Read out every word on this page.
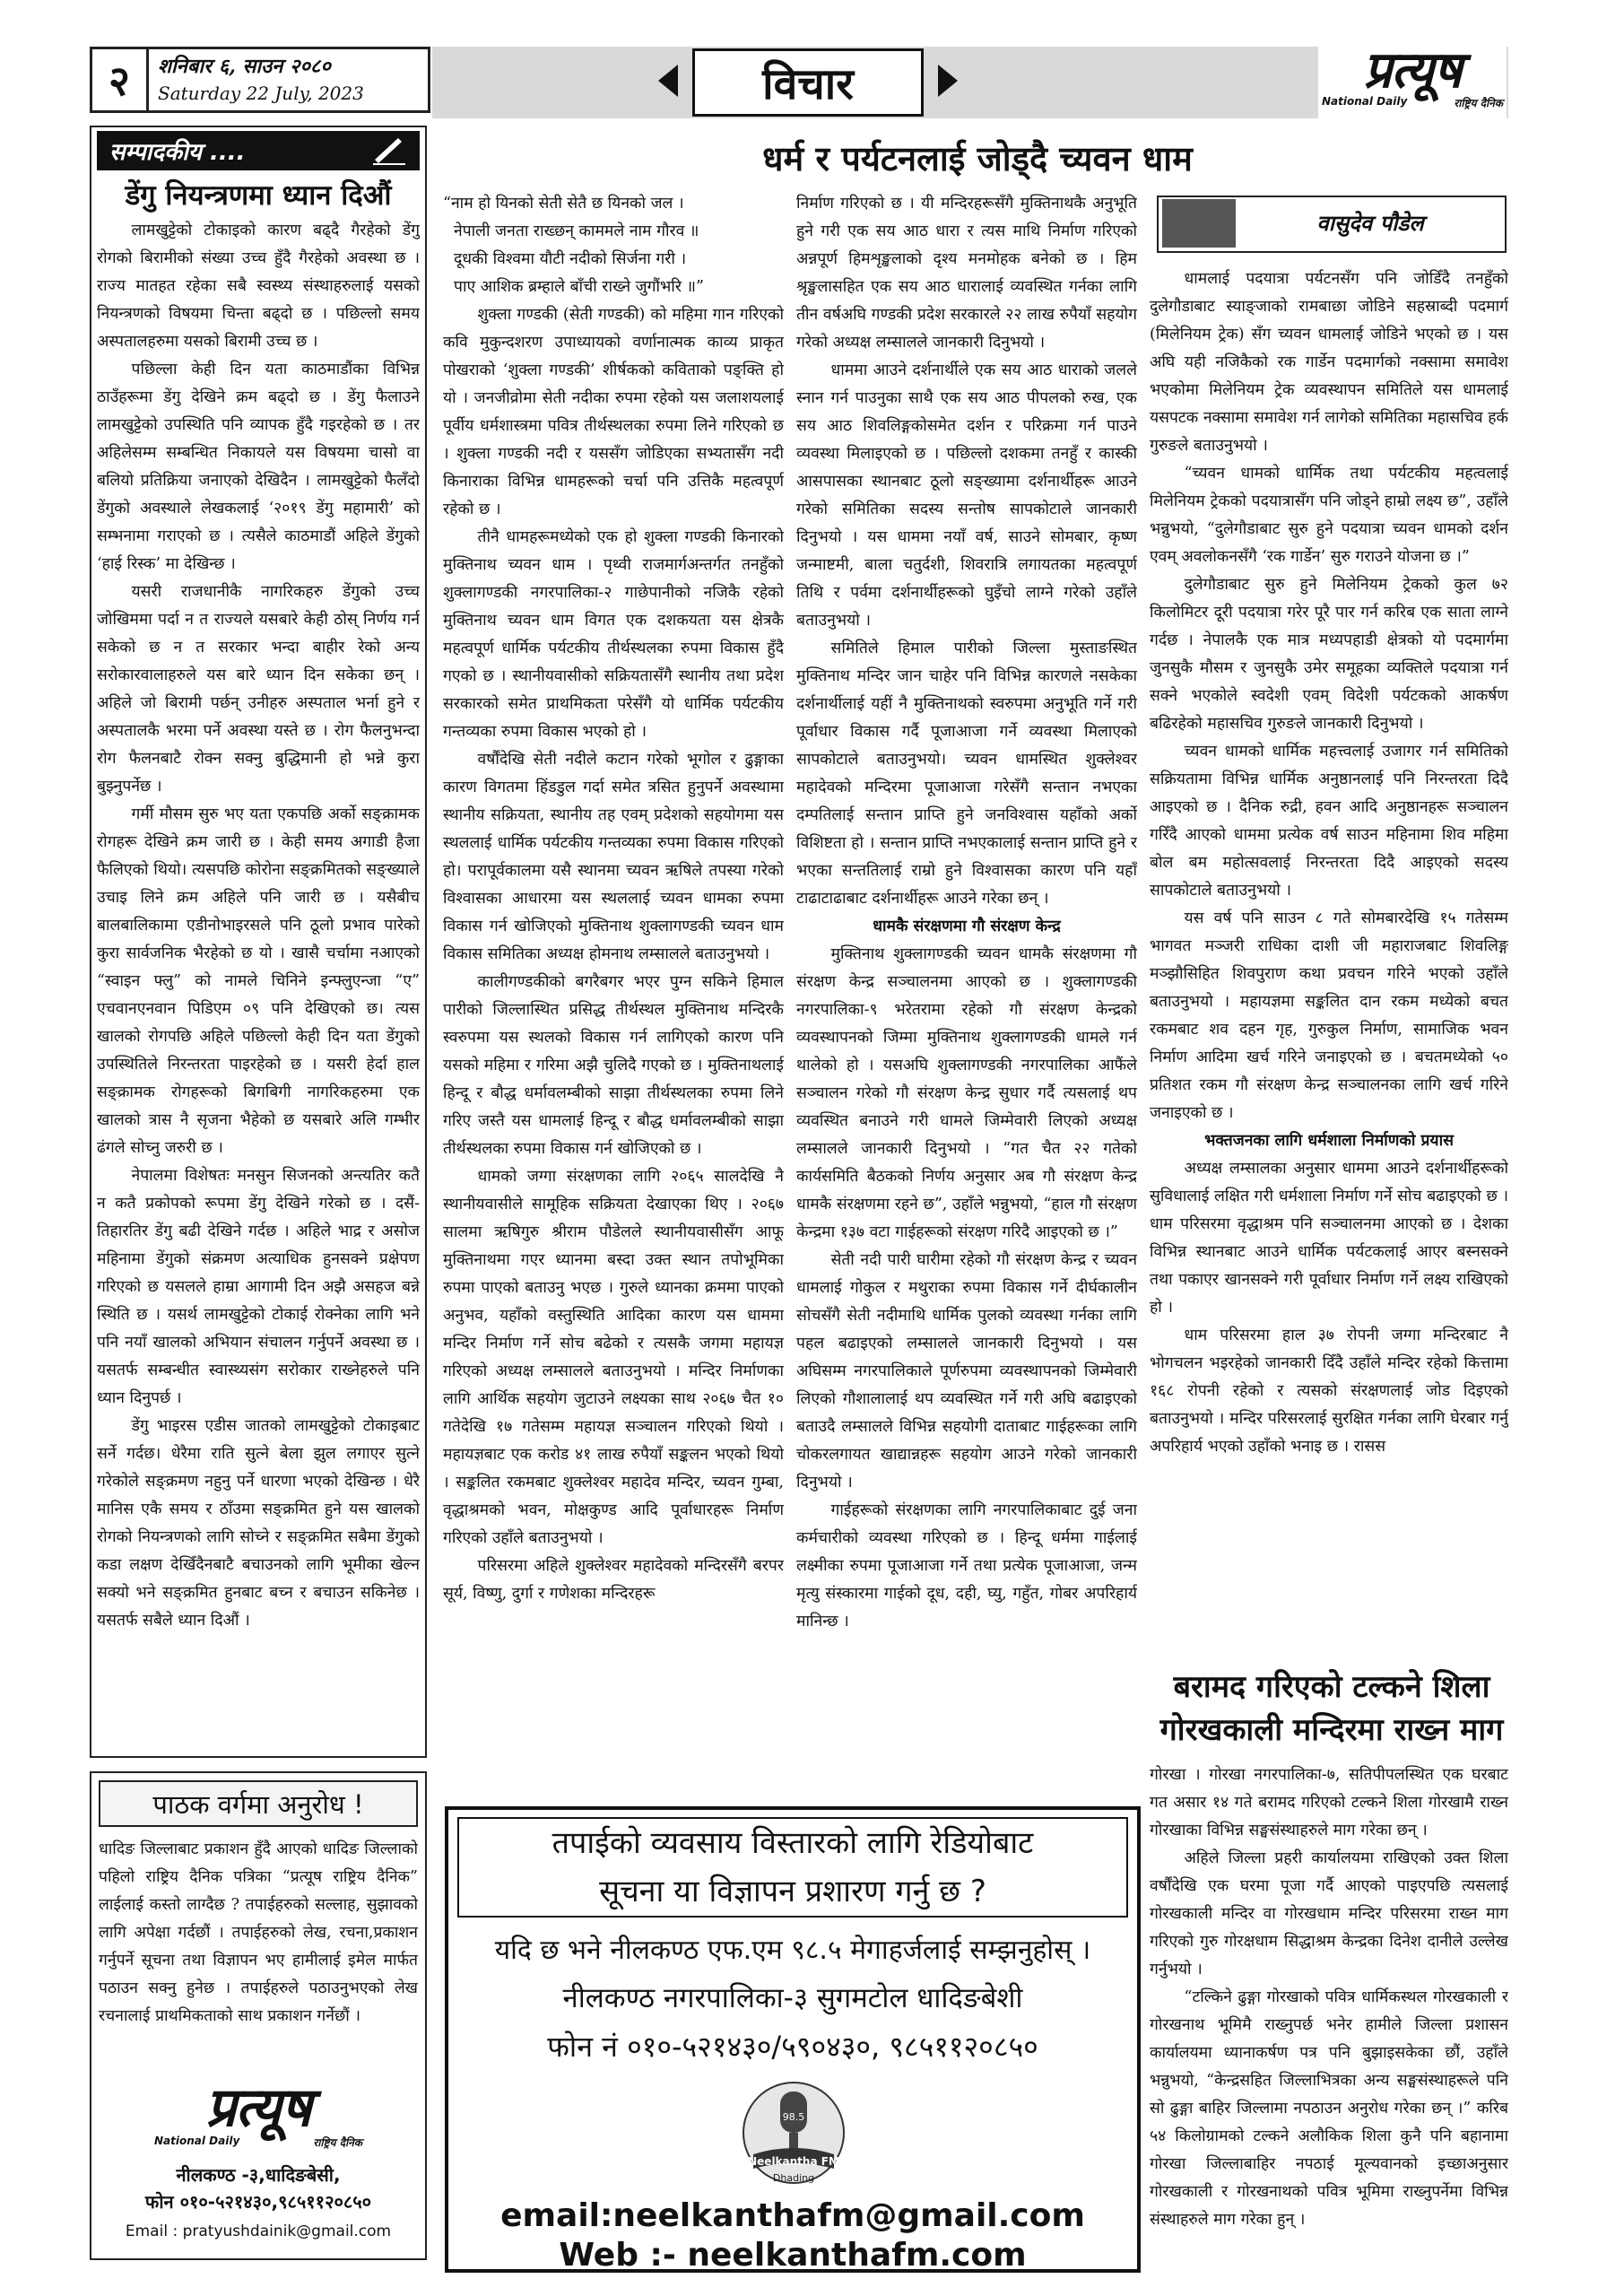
२	शनिबार ६, साउन २०८०
Saturday 22 July, 2023	विचार	प्रत्यूष
National Daily	राष्ट्रिय दैनिक
धर्म र पर्यटनलाई जोड्दै च्यवन धाम
सम्पादकीय ....
डेंगु नियन्त्रणमा ध्यान दिऔं

लामखुट्टेको टोकाइको कारण बढ्दै गैरहेको डेंगु रोगको बिरामीको संख्या उच्च हुँदै गैरहेको अवस्था छ । राज्य मातहत रहेका सबै स्वस्थ्य संस्थाहरुलाई यसको नियन्त्रणको विषयमा चिन्ता बढ्दो छ । पछिल्लो समय अस्पतालहरुमा यसको बिरामी उच्च छ ।

पछिल्ला केही दिन यता काठमाडौंका विभिन्न ठाउँहरूमा डेंगु देखिने क्रम बढ्दो छ । डेंगु फैलाउने लामखुट्टेको उपस्थिति पनि व्यापक हुँदै गइरहेको छ । तर अहिलेसम्म सम्बन्धित निकायले यस विषयमा चासो वा बलियो प्रतिक्रिया जनाएको देखिदैन । लामखुट्टेको फैलँदो डेंगुको अवस्थाले लेखकलाई ‘२०१९ डेंगु महामारी’ को सम्भनामा गराएको छ । त्यसैले काठमाडौं अहिले डेंगुको ‘हाई रिस्क’ मा देखिन्छ ।

यसरी राजधानीकै नागरिकहरु डेंगुको उच्च जोखिममा पर्दा न त राज्यले यसबारे केही ठोस् निर्णय गर्न सकेको छ न त सरकार भन्दा बाहीर रेको अन्य सरोकारवालाहरुले यस बारे ध्यान दिन सकेका छन् । अहिले जो बिरामी पर्छन् उनीहरु अस्पताल भर्ना हुने र अस्पतालकै भरमा पर्ने अवस्था यस्ते छ । रोग फैलनुभन्दा रोग फैलनबाटै रोक्न सक्नु बुद्धिमानी हो भन्ने कुरा बुझ्नुपर्नेछ ।

गर्मी मौसम सुरु भए यता एकपछि अर्को सङ्क्रामक रोगहरू देखिने क्रम जारी छ । केही समय अगाडी हैजा फैलिएको थियो। त्यसपछि कोरोना सङ्क्रमितको सङ्ख्याले उचाइ लिने क्रम अहिले पनि जारी छ । यसैबीच बालबालिकामा एडीनोभाइरसले पनि ठूलो प्रभाव पारेको कुरा सार्वजनिक भैरहेको छ यो । खासै चर्चामा नआएको “स्वाइन फ्लु” को नामले चिनिने इन्फ्लुएन्जा “ए” एचवानएनवान पिडिएम ०९ पनि देखिएको छ। त्यस खालको रोगपछि अहिले पछिल्लो केही दिन यता डेंगुको उपस्थितिले निरन्तरता पाइरहेको छ । यसरी हेर्दा हाल सङ्क्रामक रोगहरूको बिगबिगी नागरिकहरुमा एक खालको त्रास नै सृजना भैहेको छ यसबारे अलि गम्भीर ढंगले सोच्नु जरुरी छ ।

नेपालमा विशेषतः मनसुन सिजनको अन्त्यतिर कतै न कतै प्रकोपको रूपमा डेंगु देखिने गरेको छ । दसैं-तिहारतिर डेंगु बढी देखिने गर्दछ । अहिले भाद्र र असोज महिनामा डेंगुको संक्रमण अत्याधिक हुनसक्ने प्रक्षेपण गरिएको छ यसलले हाम्रा आगामी दिन अझै असहज बन्ने स्थिति छ । यसर्थ लामखुट्टेको टोकाई रोक्नेका लागि भने पनि नयाँ खालको अभियान संचालन गर्नुपर्ने अवस्था छ । यसतर्फ सम्बन्धीत स्वास्थ्यसंग सरोकार राख्नेहरुले पनि ध्यान दिनुपर्छ ।

डेंगु भाइरस एडीस जातको लामखुट्टेको टोकाइबाट सर्ने गर्दछ। धेरैमा राति सुत्ने बेला झुल लगाएर सुत्ने गरेकोले सङ्क्रमण नहुनु पर्ने धारणा भएको देखिन्छ । धेरै मानिस एकै समय र ठाँउमा सङ्क्रमित हुने यस खालको रोगको नियन्त्रणको लागि सोच्ने र सङ्क्रमित सबैमा डेंगुको कडा लक्षण देखिँदैनबाटै बचाउनको लागि भूमीका खेल्न सक्यो भने सङ्क्रमित हुनबाट बच्न र बचाउन सकिनेछ । यसतर्फ सबैले ध्यान दिऔं ।

पाठक वर्गमा अनुरोध !

धादिङ जिल्लाबाट प्रकाशन हुँदै आएको धादिङ जिल्लाको पहिलो राष्ट्रिय दैनिक पत्रिका “प्रत्यूष राष्ट्रिय दैनिक” लाईलाई कस्तो लाग्दैछ ? तपाईहरुको सल्लाह, सुझावको लागि अपेक्षा गर्दछौं । तपाईहरुको लेख, रचना,प्रकाशन गर्नुपर्ने सूचना तथा विज्ञापन भए हामीलाई इमेल मार्फत पठाउन सक्नु हुनेछ । तपाईहरुले पठाउनुभएको लेख रचनालाई प्राथमिकताको साथ प्रकाशन गर्नेछौं ।

प्रत्यूष
National Daily	राष्ट्रिय दैनिक
नीलकण्ठ -३,धादिङबेसी,
फोन ०१०-५२१४३०,९८५११२०८५०
Email : pratyushdainik@gmail.com

“नाम हो यिनको सेती सेतै छ यिनको जल ।

नेपाली जनता राख्छन् काममले नाम गौरव ॥

दूधकी विश्वमा यौटी नदीको सिर्जना गरी ।

पाए आशिक ब्रम्हाले बाँची राख्ने जुगौंभरि ॥”

शुक्ला गण्डकी (सेती गण्डकी) को महिमा गान गरिएको कवि मुकुन्दशरण उपाध्यायको वर्णानात्मक काव्य प्राकृत पोखराको ‘शुक्ला गण्डकी’ शीर्षकको कविताको पङ्क्ति हो यो । जनजीव्रोमा सेती नदीका रुपमा रहेको यस जलाशयलाई पूर्वीय धर्मशास्त्रमा पवित्र तीर्थस्थलका रुपमा लिने गरिएको छ । शुक्ला गण्डकी नदी र यससँग जोडिएका सभ्यतासँग नदी किनाराका विभिन्न धामहरूको चर्चा पनि उत्तिकै महत्वपूर्ण रहेको छ ।

तीनै धामहरूमध्येको एक हो शुक्ला गण्डकी किनारको मुक्तिनाथ च्यवन धाम । पृथ्वी राजमार्गअन्तर्गत तनहुँको शुक्लागण्डकी नगरपालिका-२ गाछेपानीको नजिकै रहेको मुक्तिनाथ च्यवन धाम विगत एक दशकयता यस क्षेत्रकै महत्वपूर्ण धार्मिक पर्यटकीय तीर्थस्थलका रुपमा विकास हुँदै गएको छ । स्थानीयवासीको सक्रियतासँगै स्थानीय तथा प्रदेश सरकारको समेत प्राथमिकता परेसँगै यो धार्मिक पर्यटकीय गन्तव्यका रुपमा विकास भएको हो ।

वर्षौंदेखि सेती नदीले कटान गरेको भूगोल र ढुङ्गाका कारण विगतमा हिंडडुल गर्दा समेत त्रसित हुनुपर्ने अवस्थामा स्थानीय सक्रियता, स्थानीय तह एवम् प्रदेशको सहयोगमा यस स्थललाई धार्मिक पर्यटकीय गन्तव्यका रुपमा विकास गरिएको हो। परापूर्वकालमा यसै स्थानमा च्यवन ऋषिले तपस्या गरेको विश्वासका आधारमा यस स्थललाई च्यवन धामका रुपमा विकास गर्न खोजिएको मुक्तिनाथ शुक्लागण्डकी च्यवन धाम विकास समितिका अध्यक्ष होमनाथ लम्सालले बताउनुभयो ।

कालीगण्डकीको बगरैबगर भएर पुग्न सकिने हिमाल पारीको जिल्लास्थित प्रसिद्ध तीर्थस्थल मुक्तिनाथ मन्दिरकै स्वरुपमा यस स्थलको विकास गर्न लागिएको कारण पनि यसको महिमा र गरिमा अझै चुलिदै गएको छ । मुक्तिनाथलाई हिन्दू र बौद्ध धर्मावलम्बीको साझा तीर्थस्थलका रुपमा लिने गरिए जस्तै यस धामलाई हिन्दू र बौद्ध धर्मावलम्बीको साझा तीर्थस्थलका रुपमा विकास गर्न खोजिएको छ ।

धामको जग्गा संरक्षणका लागि २०६५ सालदेखि नै स्थानीयवासीले सामूहिक सक्रियता देखाएका थिए । २०६७ सालमा ऋषिगुरु श्रीराम पौडेलले स्थानीयवासीसँग आफू मुक्तिनाथमा गएर ध्यानमा बस्दा उक्त स्थान तपोभूमिका रुपमा पाएको बताउनु भएछ । गुरुले ध्यानका क्रममा पाएको अनुभव, यहाँको वस्तुस्थिति आदिका कारण यस धाममा मन्दिर निर्माण गर्ने सोच बढेको र त्यसकै जगमा महायज्ञ गरिएको अध्यक्ष लम्सालले बताउनुभयो । मन्दिर निर्माणका लागि आर्थिक सहयोग जुटाउने लक्ष्यका साथ २०६७ चैत १० गतेदेखि १७ गतेसम्म महायज्ञ सञ्चालन गरिएको थियो । महायज्ञबाट एक करोड ४१ लाख रुपैयाँ सङ्कलन भएको थियो । सङ्कलित रकमबाट शुक्लेश्वर महादेव मन्दिर, च्यवन गुम्बा, वृद्धाश्रमको भवन, मोक्षकुण्ड आदि पूर्वाधारहरू निर्माण गरिएको उहाँले बताउनुभयो ।

परिसरमा अहिले शुक्लेश्वर महादेवको मन्दिरसँगै बरपर सूर्य, विष्णु, दुर्गा र गणेशका मन्दिरहरू

निर्माण गरिएको छ । यी मन्दिरहरूसँगै मुक्तिनाथकै अनुभूति हुने गरी एक सय आठ धारा र त्यस माथि निर्माण गरिएको अन्नपूर्ण हिमशृङ्खलाको दृश्य मनमोहक बनेको छ । हिम श्रृङ्खलासहित एक सय आठ धारालाई व्यवस्थित गर्नका लागि तीन वर्षअघि गण्डकी प्रदेश सरकारले २२ लाख रुपैयाँ सहयोग गरेको अध्यक्ष लम्सालले जानकारी दिनुभयो ।

धाममा आउने दर्शनार्थीले एक सय आठ धाराको जलले स्नान गर्न पाउनुका साथै एक सय आठ पीपलको रुख, एक सय आठ शिवलिङ्गकोसमेत दर्शन र परिक्रमा गर्न पाउने व्यवस्था मिलाइएको छ । पछिल्लो दशकमा तनहुँ र कास्की आसपासका स्थानबाट ठूलो सङ्ख्यामा दर्शनार्थीहरू आउने गरेको समितिका सदस्य सन्तोष सापकोटाले जानकारी दिनुभयो । यस धाममा नयाँ वर्ष, साउने सोमबार, कृष्ण जन्माष्टमी, बाला चतुर्दशी, शिवरात्रि लगायतका महत्वपूर्ण तिथि र पर्वमा दर्शनार्थीहरूको घुइँचो लाग्ने गरेको उहाँले बताउनुभयो ।

समितिले हिमाल पारीको जिल्ला मुस्ताङस्थित मुक्तिनाथ मन्दिर जान चाहेर पनि विभिन्न कारणले नसकेका दर्शनार्थीलाई यहीं नै मुक्तिनाथको स्वरुपमा अनुभूति गर्ने गरी पूर्वाधार विकास गर्दै पूजाआजा गर्ने व्यवस्था मिलाएको सापकोटाले बताउनुभयो। च्यवन धामस्थित शुक्लेश्वर महादेवको मन्दिरमा पूजाआजा गरेसँगै सन्तान नभएका दम्पतिलाई सन्तान प्राप्ति हुने जनविश्वास यहाँको अर्को विशिष्टता हो । सन्तान प्राप्ति नभएकालाई सन्तान प्राप्ति हुने र भएका सन्ततिलाई राम्रो हुने विश्वासका कारण पनि यहाँ टाढाटाढाबाट दर्शनार्थीहरू आउने गरेका छन् ।

धामकै संरक्षणमा गौ संरक्षण केन्द्र

मुक्तिनाथ शुक्लागण्डकी च्यवन धामकै संरक्षणमा गौ संरक्षण केन्द्र सञ्चालनमा आएको छ । शुक्लागण्डकी नगरपालिका-९ भरेतरामा रहेको गौ संरक्षण केन्द्रको व्यवस्थापनको जिम्मा मुक्तिनाथ शुक्लागण्डकी धामले गर्न थालेको हो । यसअघि शुक्लागण्डकी नगरपालिका आफैंले सञ्चालन गरेको गौ संरक्षण केन्द्र सुधार गर्दै त्यसलाई थप व्यवस्थित बनाउने गरी धामले जिम्मेवारी लिएको अध्यक्ष लम्सालले जानकारी दिनुभयो । “गत चैत २२ गतेको कार्यसमिति बैठकको निर्णय अनुसार अब गौ संरक्षण केन्द्र धामकै संरक्षणमा रहने छ”, उहाँले भन्नुभयो, “हाल गौ संरक्षण केन्द्रमा १३७ वटा गाईहरूको संरक्षण गरिदै आइएको छ ।”

सेती नदी पारी घारीमा रहेको गौ संरक्षण केन्द्र र च्यवन धामलाई गोकुल र मथुराका रुपमा विकास गर्ने दीर्घकालीन सोचसँगै सेती नदीमाथि धार्मिक पुलको व्यवस्था गर्नका लागि पहल बढाइएको लम्सालले जानकारी दिनुभयो । यस अघिसम्म नगरपालिकाले पूर्णरुपमा व्यवस्थापनको जिम्मेवारी लिएको गौशालालाई थप व्यवस्थित गर्ने गरी अघि बढाइएको बताउदै लम्सालले विभिन्न सहयोगी दाताबाट गाईहरूका लागि चोकरलगायत खाद्यान्नहरू सहयोग आउने गरेको जानकारी दिनुभयो ।

गाईहरूको संरक्षणका लागि नगरपालिकाबाट दुई जना कर्मचारीको व्यवस्था गरिएको छ । हिन्दू धर्ममा गाईलाई लक्ष्मीका रुपमा पूजाआजा गर्ने तथा प्रत्येक पूजाआजा, जन्म मृत्यु संस्कारमा गाईको दूध, दही, घ्यु, गहुँत, गोबर अपरिहार्य मानिन्छ ।

वासुदेव पौडेल

धामलाई पदयात्रा पर्यटनसँग पनि जोडिँदै तनहुँको दुलेगौडाबाट स्याङ्जाको रामबाछा जोडिने सहस्राब्दी पदमार्ग (मिलेनियम ट्रेक) सँग च्यवन धामलाई जोडिने भएको छ । यस अघि यही नजिकैको रक गार्डेन पदमार्गको नक्सामा समावेश भएकोमा मिलेनियम ट्रेक व्यवस्थापन समितिले यस धामलाई यसपटक नक्सामा समावेश गर्न लागेको समितिका महासचिव हर्क गुरुङले बताउनुभयो ।

“च्यवन धामको धार्मिक तथा पर्यटकीय महत्वलाई मिलेनियम ट्रेकको पदयात्रासँग पनि जोड्ने हाम्रो लक्ष्य छ”, उहाँले भन्नुभयो, “दुलेगौडाबाट सुरु हुने पदयात्रा च्यवन धामको दर्शन एवम् अवलोकनसँगै ‘रक गार्डेन’ सुरु गराउने योजना छ ।”

दुलेगौडाबाट सुरु हुने मिलेनियम ट्रेकको कुल ७२ किलोमिटर दूरी पदयात्रा गरेर पूरै पार गर्न करिब एक साता लाग्ने गर्दछ । नेपालकै एक मात्र मध्यपहाडी क्षेत्रको यो पदमार्गमा जुनसुकै मौसम र जुनसुकै उमेर समूहका व्यक्तिले पदयात्रा गर्न सक्ने भएकोले स्वदेशी एवम् विदेशी पर्यटकको आकर्षण बढिरहेको महासचिव गुरुङले जानकारी दिनुभयो ।

च्यवन धामको धार्मिक महत्त्वलाई उजागर गर्न समितिको सक्रियतामा विभिन्न धार्मिक अनुष्ठानलाई पनि निरन्तरता दिदै आइएको छ । दैनिक रुद्री, हवन आदि अनुष्ठानहरू सञ्चालन गरिँदै आएको धाममा प्रत्येक वर्ष साउन महिनामा शिव महिमा बोल बम महोत्सवलाई निरन्तरता दिदै आइएको सदस्य सापकोटाले बताउनुभयो ।

यस वर्ष पनि साउन ८ गते सोमबारदेखि १५ गतेसम्म भागवत मञ्जरी राधिका दाशी जी महाराजबाट शिवलिङ्ग मञ्झौसिहित शिवपुराण कथा प्रवचन गरिने भएको उहाँले बताउनुभयो । महायज्ञमा सङ्कलित दान रकम मध्येको बचत रकमबाट शव दहन गृह, गुरुकुल निर्माण, सामाजिक भवन निर्माण आदिमा खर्च गरिने जनाइएको छ । बचतमध्येको ५० प्रतिशत रकम गौ संरक्षण केन्द्र सञ्चालनका लागि खर्च गरिने जनाइएको छ ।

भक्तजनका लागि धर्मशाला निर्माणको प्रयास

अध्यक्ष लम्सालका अनुसार धाममा आउने दर्शनार्थीहरूको सुविधालाई लक्षित गरी धर्मशाला निर्माण गर्ने सोच बढाइएको छ । धाम परिसरमा वृद्धाश्रम पनि सञ्चालनमा आएको छ । देशका विभिन्न स्थानबाट आउने धार्मिक पर्यटकलाई आएर बस्नसक्ने तथा पकाएर खानसक्ने गरी पूर्वाधार निर्माण गर्ने लक्ष्य राखिएको हो ।

धाम परिसरमा हाल ३७ रोपनी जग्गा मन्दिरबाट नै भोगचलन भइरहेको जानकारी दिँदै उहाँले मन्दिर रहेको कित्तामा १६८ रोपनी रहेको र त्यसको संरक्षणलाई जोड दिइएको बताउनुभयो । मन्दिर परिसरलाई सुरक्षित गर्नका लागि घेरबार गर्नु अपरिहार्य भएको उहाँको भनाइ छ । रासस

बरामद गरिएको टल्कने शिला
गोरखकाली मन्दिरमा राख्न माग

गोरखा । गोरखा नगरपालिका-७, सतिपीपलस्थित एक घरबाट गत असार १४ गते बरामद गरिएको टल्कने शिला गोरखामै राख्न गोरखाका विभिन्न सङ्घसंस्थाहरुले माग गरेका छन् ।

अहिले जिल्ला प्रहरी कार्यालयमा राखिएको उक्त शिला वर्षौंदेखि एक घरमा पूजा गर्दै आएको पाइएपछि त्यसलाई गोरखकाली मन्दिर वा गोरखधाम मन्दिर परिसरमा राख्न माग गरिएको गुरु गोरक्षधाम सिद्धाश्रम केन्द्रका दिनेश दानीले उल्लेख गर्नुभयो ।

“टल्किने ढुङ्गा गोरखाको पवित्र धार्मिकस्थल गोरखकाली र गोरखनाथ भूमिमै राख्नुपर्छ भनेर हामीले जिल्ला प्रशासन कार्यालयमा ध्यानाकर्षण पत्र पनि बुझाइसकेका छौं, उहाँले भन्नुभयो, “केन्द्रसहित जिल्लाभित्रका अन्य सङ्घसंस्थाहरूले पनि सो ढुङ्गा बाहिर जिल्लामा नपठाउन अनुरोध गरेका छन् ।” करिब ५४ किलोग्रामको टल्कने अलौकिक शिला कुनै पनि बहानामा गोरखा जिल्लाबाहिर नपठाई मूल्यवानको इच्छाअनुसार गोरखकाली र गोरखनाथको पवित्र भूमिमा राख्नुपर्नेमा विभिन्न संस्थाहरुले माग गरेका हुन् ।

तपाईको व्यवसाय विस्तारको लागि रेडियोबाट
सूचना या विज्ञापन प्रशारण गर्नु छ ?
यदि छ भने नीलकण्ठ एफ.एम ९८.५ मेगाहर्जलाई सम्झनुहोस् ।
नीलकण्ठ नगरपालिका-३ सुगमटोल धादिङबेशी
फोन नं ०१०-५२१४३०/५९०४३०, ९८५११२०८५०
98.5
Neelkantha FM
Dhading
email:neelkanthafm@gmail.com
Web :- neelkanthafm.com
